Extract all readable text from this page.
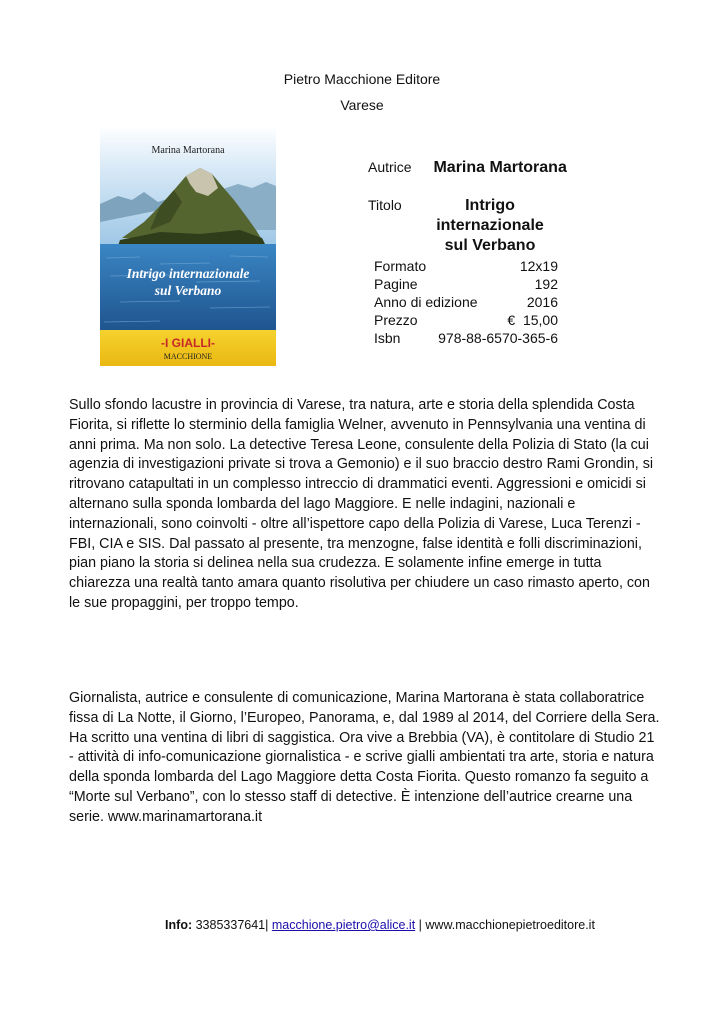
Pietro Macchione Editore
Varese
Marina Martorana
Intrigo internazionale
sul Verbano
-I GIALLI-
MACCHIONE
Autrice Marina Martorana
Titolo	Intrigo internazionale
sul Verbano
Formato	12x19
Pagine	192
Anno di edizione	2016
Prezzo	€  15,00
Isbn	978-88-6570-365-6
Sullo sfondo lacustre in provincia di Varese, tra natura, arte e storia della splendida Costa Fiorita, si riflette lo sterminio della famiglia Welner, avvenuto in Pennsylvania una ventina di anni prima. Ma non solo. La detective Teresa Leone, consulente della Polizia di Stato (la cui agenzia di investigazioni private si trova a Gemonio) e il suo braccio destro Rami Grondin, si ritrovano catapultati in un complesso intreccio di drammatici eventi. Aggressioni e omicidi si alternano sulla sponda lombarda del lago Maggiore. E nelle indagini, nazionali e internazionali, sono coinvolti - oltre all’ispettore capo della Polizia di Varese, Luca Terenzi - FBI, CIA e SIS. Dal passato al presente, tra menzogne, false identità e folli discriminazioni, pian piano la storia si delinea nella sua crudezza. E solamente infine emerge in tutta chiarezza una realtà tanto amara quanto risolutiva per chiudere un caso rimasto aperto, con le sue propaggini, per troppo tempo.
Giornalista, autrice e consulente di comunicazione, Marina Martorana è stata collaboratrice fissa di La Notte, il Giorno, l’Europeo, Panorama, e, dal 1989 al 2014, del Corriere della Sera. Ha scritto una ventina di libri di saggistica. Ora vive a Brebbia (VA), è contitolare di Studio 21 - attività di info-comunicazione giornalistica - e scrive gialli ambientati tra arte, storia e natura della sponda lombarda del Lago Maggiore detta Costa Fiorita. Questo romanzo fa seguito a “Morte sul Verbano”, con lo stesso staff di detective. È intenzione dell’autrice crearne una serie. www.marinamartorana.it
Info: 3385337641| macchione.pietro@alice.it | www.macchionepietroeditore.it
